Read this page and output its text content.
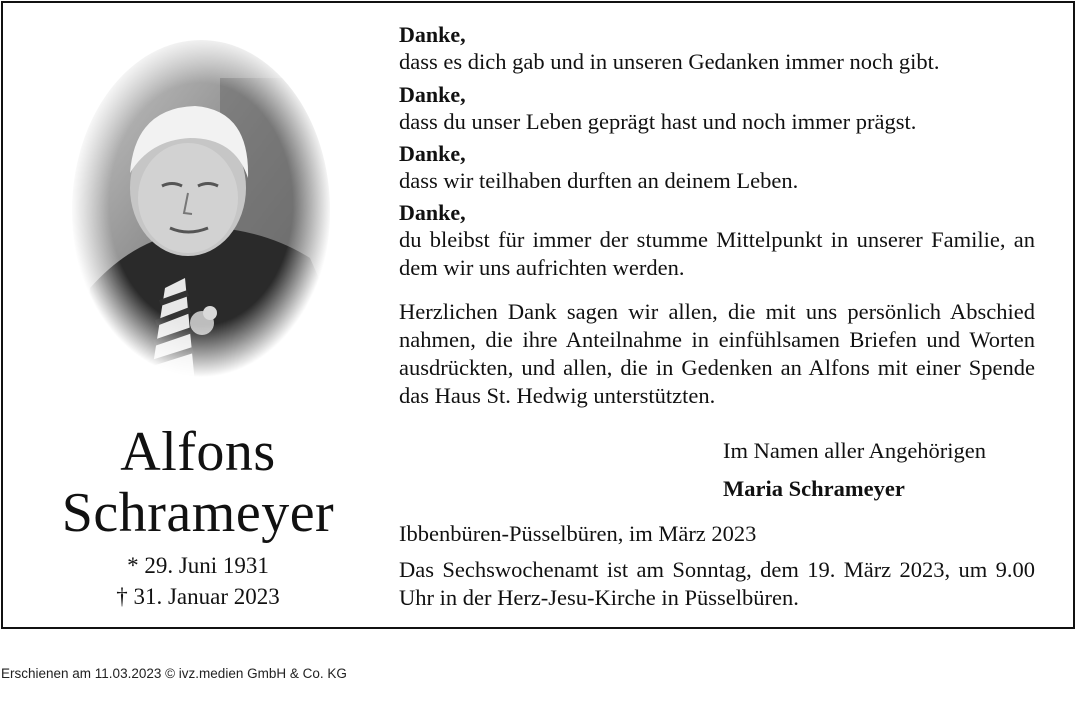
Alfons
Schrameyer
* 29. Juni 1931
† 31. Januar 2023
Danke,
dass es dich gab und in unseren Gedanken immer noch gibt.
Danke,
dass du unser Leben geprägt hast und noch immer prägst.
Danke,
dass wir teilhaben durften an deinem Leben.
Danke,
du bleibst für immer der stumme Mittelpunkt in unserer Familie, an dem wir uns aufrichten werden.
Herzlichen Dank sagen wir allen, die mit uns persönlich Abschied nahmen, die ihre Anteilnahme in einfühlsamen Briefen und Worten ausdrückten, und allen, die in Gedenken an Alfons mit einer Spende das Haus St. Hedwig unterstützten.
Im Namen aller Angehörigen
Maria Schrameyer
Ibbenbüren-Püsselbüren, im März 2023
Das Sechswochenamt ist am Sonntag, dem 19. März 2023, um 9.00 Uhr in der Herz-Jesu-Kirche in Püsselbüren.
Erschienen am 11.03.2023 © ivz.medien GmbH & Co. KG
